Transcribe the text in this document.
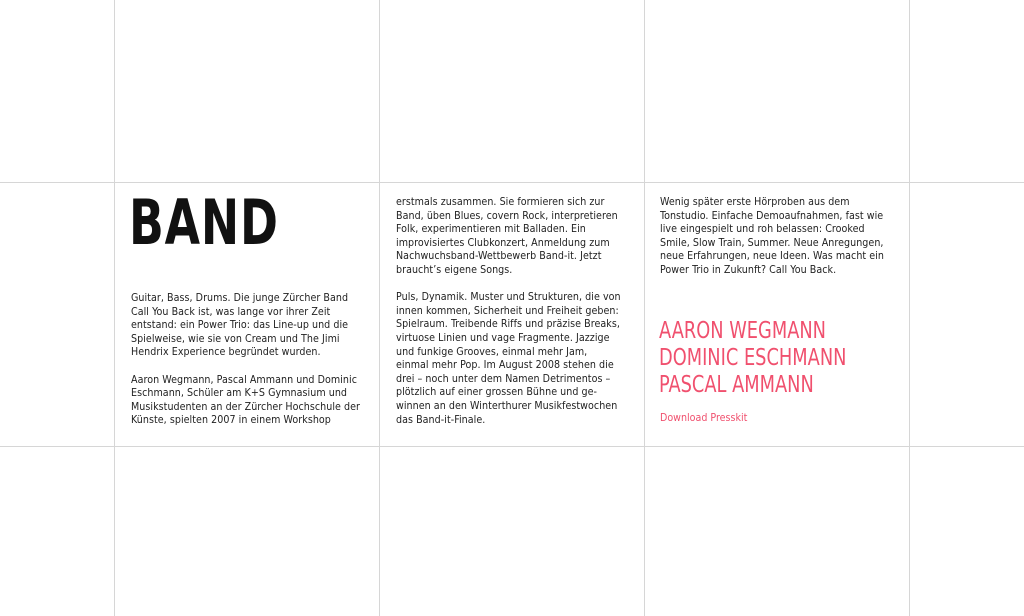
BAND

Guitar, Bass, Drums. Die junge Zürcher Band
Call You Back ist, was lange vor ihrer Zeit
entstand: ein Power Trio: das Line-up und die
Spielweise, wie sie von Cream und The Jimi
Hendrix Experience begründet wurden.

Aaron Wegmann, Pascal Ammann und Dominic
Eschmann, Schüler am K+S Gymnasium und
Musikstudenten an der Zürcher Hochschule der
Künste, spielten 2007 in einem Workshop

erstmals zusammen. Sie formieren sich zur
Band, üben Blues, covern Rock, interpretieren
Folk, experimentieren mit Balladen. Ein
improvisiertes Clubkonzert, Anmeldung zum
Nachwuchsband-Wettbewerb Band-it. Jetzt
braucht’s eigene Songs.

Puls, Dynamik. Muster und Strukturen, die von
innen kommen, Sicherheit und Freiheit geben:
Spielraum. Treibende Riffs und präzise Breaks,
virtuose Linien und vage Fragmente. Jazzige
und funkige Grooves, einmal mehr Jam,
einmal mehr Pop. Im August 2008 stehen die
drei – noch unter dem Namen Detrimentos –
plötzlich auf einer grossen Bühne und ge-
winnen an den Winterthurer Musikfestwochen
das Band-it-Finale.

Wenig später erste Hörproben aus dem
Tonstudio. Einfache Demoaufnahmen, fast wie
live eingespielt und roh belassen: Crooked
Smile, Slow Train, Summer. Neue Anregungen,
neue Erfahrungen, neue Ideen. Was macht ein
Power Trio in Zukunft? Call You Back.

AARON WEGMANN
DOMINIC ESCHMANN
PASCAL AMMANN
Download Presskit
